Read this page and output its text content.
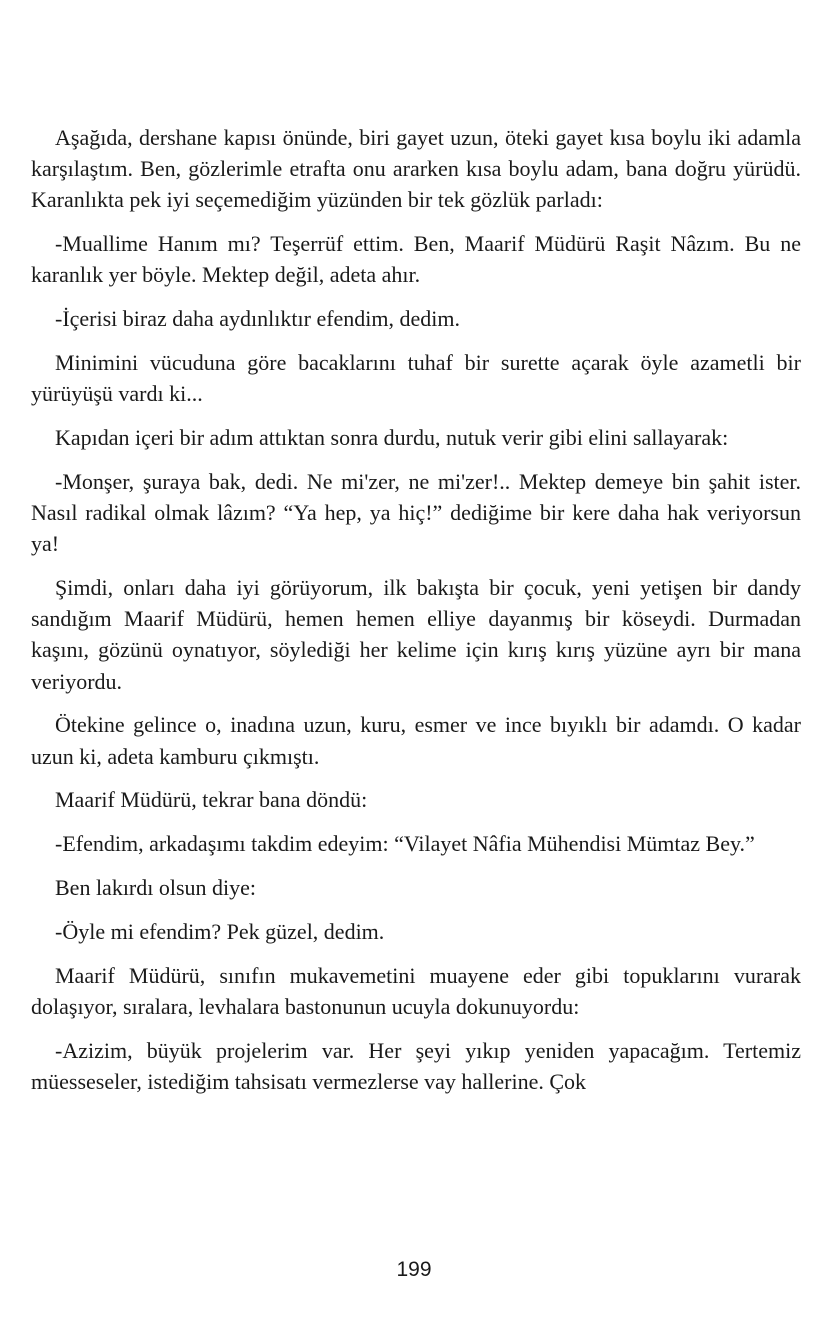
Aşağıda, dershane kapısı önünde, biri gayet uzun, öteki gayet kısa boylu iki adamla karşılaştım. Ben, gözlerimle etrafta onu ararken kısa boylu adam, bana doğru yürüdü. Karanlıkta pek iyi seçemediğim yüzünden bir tek gözlük parladı:

-Muallime Hanım mı? Teşerrüf ettim. Ben, Maarif Müdürü Raşit Nâzım. Bu ne karanlık yer böyle. Mektep değil, adeta ahır.

-İçerisi biraz daha aydınlıktır efendim, dedim.

Minimini vücuduna göre bacaklarını tuhaf bir surette açarak öyle azametli bir yürüyüşü vardı ki...

Kapıdan içeri bir adım attıktan sonra durdu, nutuk verir gibi elini sallayarak:

-Monşer, şuraya bak, dedi. Ne mi'zer, ne mi'zer!.. Mektep demeye bin şahit ister. Nasıl radikal olmak lâzım? “Ya hep, ya hiç!” dediğime bir kere daha hak veriyorsun ya!

Şimdi, onları daha iyi görüyorum, ilk bakışta bir çocuk, yeni yetişen bir dandy sandığım Maarif Müdürü, hemen hemen elliye dayanmış bir köseydi. Durmadan kaşını, gözünü oynatıyor, söylediği her kelime için kırış kırış yüzüne ayrı bir mana veriyordu.

Ötekine gelince o, inadına uzun, kuru, esmer ve ince bıyıklı bir adamdı. O kadar uzun ki, adeta kamburu çıkmıştı.

Maarif Müdürü, tekrar bana döndü:

-Efendim, arkadaşımı takdim edeyim: “Vilayet Nâfia Mühendisi Mümtaz Bey.”

Ben lakırdı olsun diye:

-Öyle mi efendim? Pek güzel, dedim.

Maarif Müdürü, sınıfın mukavemetini muayene eder gibi topuklarını vurarak dolaşıyor, sıralara, levhalara bastonunun ucuyla dokunuyordu:

-Azizim, büyük projelerim var. Her şeyi yıkıp yeniden yapacağım. Tertemiz müesseseler, istediğim tahsisatı vermezlerse vay hallerine. Çok

199
